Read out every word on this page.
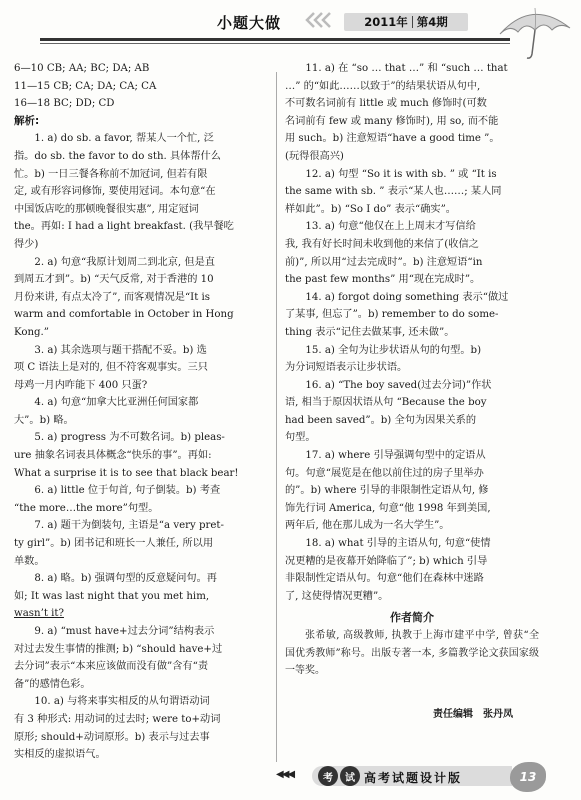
小题大做	2011年 第4期
6—10 CB; AA; BC; DA; AB
11—15 CB; CA; DA; CA; CA
16—18 BC; DD; CD
解析:
1. a) do sb. a favor, 帮某人一个忙, 泛
指。do sb. the favor to do sth. 具体帮什么
忙。b) 一日三餐各称前不加冠词, 但若有限
定, 或有形容词修饰, 要使用冠词。本句意“在
中国饭店吃的那顿晚餐很实惠”, 用定冠词
the。再如: I had a light breakfast. (我早餐吃
得少)
2. a) 句意“我原计划周二到北京, 但是直
到周五才到”。b) “天气反常, 对于香港的 10
月份来讲, 有点太冷了”, 而客观情况是“It is
warm and comfortable in October in Hong
Kong.”
3. a) 其余选项与题干搭配不妥。b) 选
项 C 语法上是对的, 但不符客观事实。三只
母鸡一月内咋能下 400 只蛋?
4. a) 句意“加拿大比亚洲任何国家都
大”。b) 略。
5. a) progress 为不可数名词。b) pleas-
ure 抽象名词表具体概念“快乐的事”。再如:
What a surprise it is to see that black bear!
6. a) little 位于句首, 句子倒装。b) 考查
“the more…the more”句型。
7. a) 题干为倒装句, 主语是“a very pret-
ty girl”。b) 团书记和班长一人兼任, 所以用
单数。
8. a) 略。b) 强调句型的反意疑问句。再
如; It was last night that you met him,
wasn’t it?
9. a) “must have+过去分词”结构表示
对过去发生事情的推测; b) “should have+过
去分词”表示“本来应该做而没有做”含有“责
备”的感情色彩。
10. a) 与将来事实相反的从句谓语动词
有 3 种形式: 用动词的过去时; were to+动词
原形; should+动词原形。b) 表示与过去事
实相反的虚拟语气。
11. a) 在 “so … that …” 和 “such … that
…” 的“如此……以致于”的结果状语从句中,
不可数名词前有 little 或 much 修饰时(可数
名词前有 few 或 many 修饰时), 用 so, 而不能
用 such。b) 注意短语“have a good time ”。
(玩得很高兴)
12. a) 句型 “So it is with sb. ” 或 “It is
the same with sb. ” 表示“某人也……; 某人同
样如此”。b) “So I do” 表示“确实”。
13. a) 句意“他仅在上上周末才写信给
我, 我有好长时间未收到他的来信了(收信之
前)”, 所以用“过去完成时”。b) 注意短语“in
the past few months” 用“现在完成时”。
14. a) forgot doing something 表示“做过
了某事, 但忘了”。b) remember to do some-
thing 表示“记住去做某事, 还未做”。
15. a) 全句为让步状语从句的句型。b)
为分词短语表示让步状语。
16. a) “The boy saved(过去分词)”作状
语, 相当于原因状语从句 “Because the boy
had been saved”。b) 全句为因果关系的
句型。
17. a) where 引导强调句型中的定语从
句。句意“展览是在他以前住过的房子里举办
的”。b) where 引导的非限制性定语从句, 修
饰先行词 America, 句意“他 1998 年到美国,
两年后, 他在那儿成为一名大学生”。
18. a) what 引导的主语从句, 句意“使情
况更糟的是夜幕开始降临了”; b) which 引导
非限制性定语从句。句意“他们在森林中迷路
了, 这使得情况更糟”。
作者简介
张希敏, 高级教师, 执教于上海市建平中学, 曾获“全国优秀教师”称号。出版专著一本, 多篇教学论文获国家级一等奖。
责任编辑　张丹凤
◀◀◀	考	试 高考试题设计版	13
